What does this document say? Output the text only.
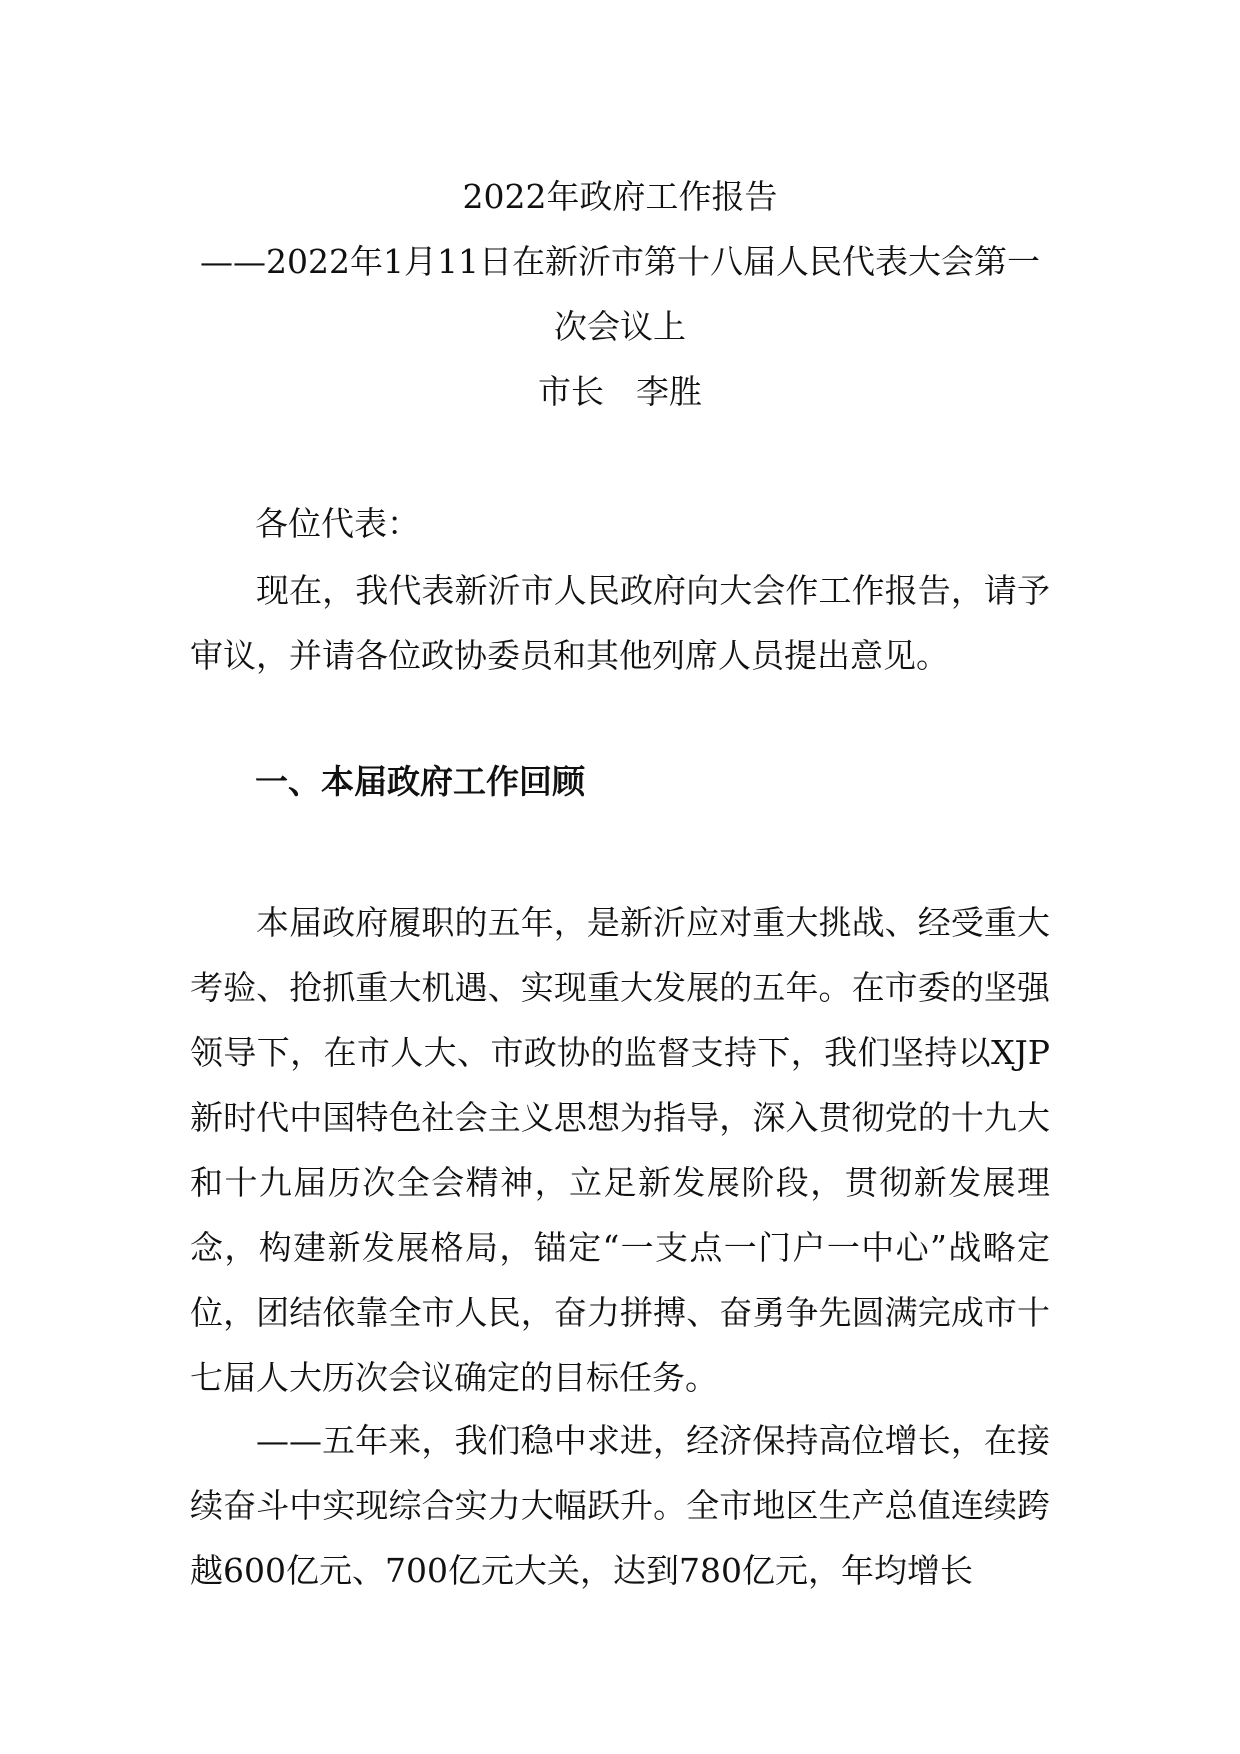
2022年政府工作报告
——2022年1月11日在新沂市第十八届人民代表大会第一
次会议上
市长 李胜
各位代表：
现在，我代表新沂市人民政府向大会作工作报告，请予审议，并请各位政协委员和其他列席人员提出意见。
一、本届政府工作回顾
本届政府履职的五年，是新沂应对重大挑战、经受重大考验、抢抓重大机遇、实现重大发展的五年。在市委的坚强领导下，在市人大、市政协的监督支持下，我们坚持以XJP新时代中国特色社会主义思想为指导，深入贯彻党的十九大和十九届历次全会精神，立足新发展阶段，贯彻新发展理念，构建新发展格局，锚定“一支点一门户一中心”战略定位，团结依靠全市人民，奋力拼搏、奋勇争先圆满完成市十七届人大历次会议确定的目标任务。
——五年来，我们稳中求进，经济保持高位增长，在接续奋斗中实现综合实力大幅跃升。全市地区生产总值连续跨越600亿元、700亿元大关，达到780亿元，年均增长
